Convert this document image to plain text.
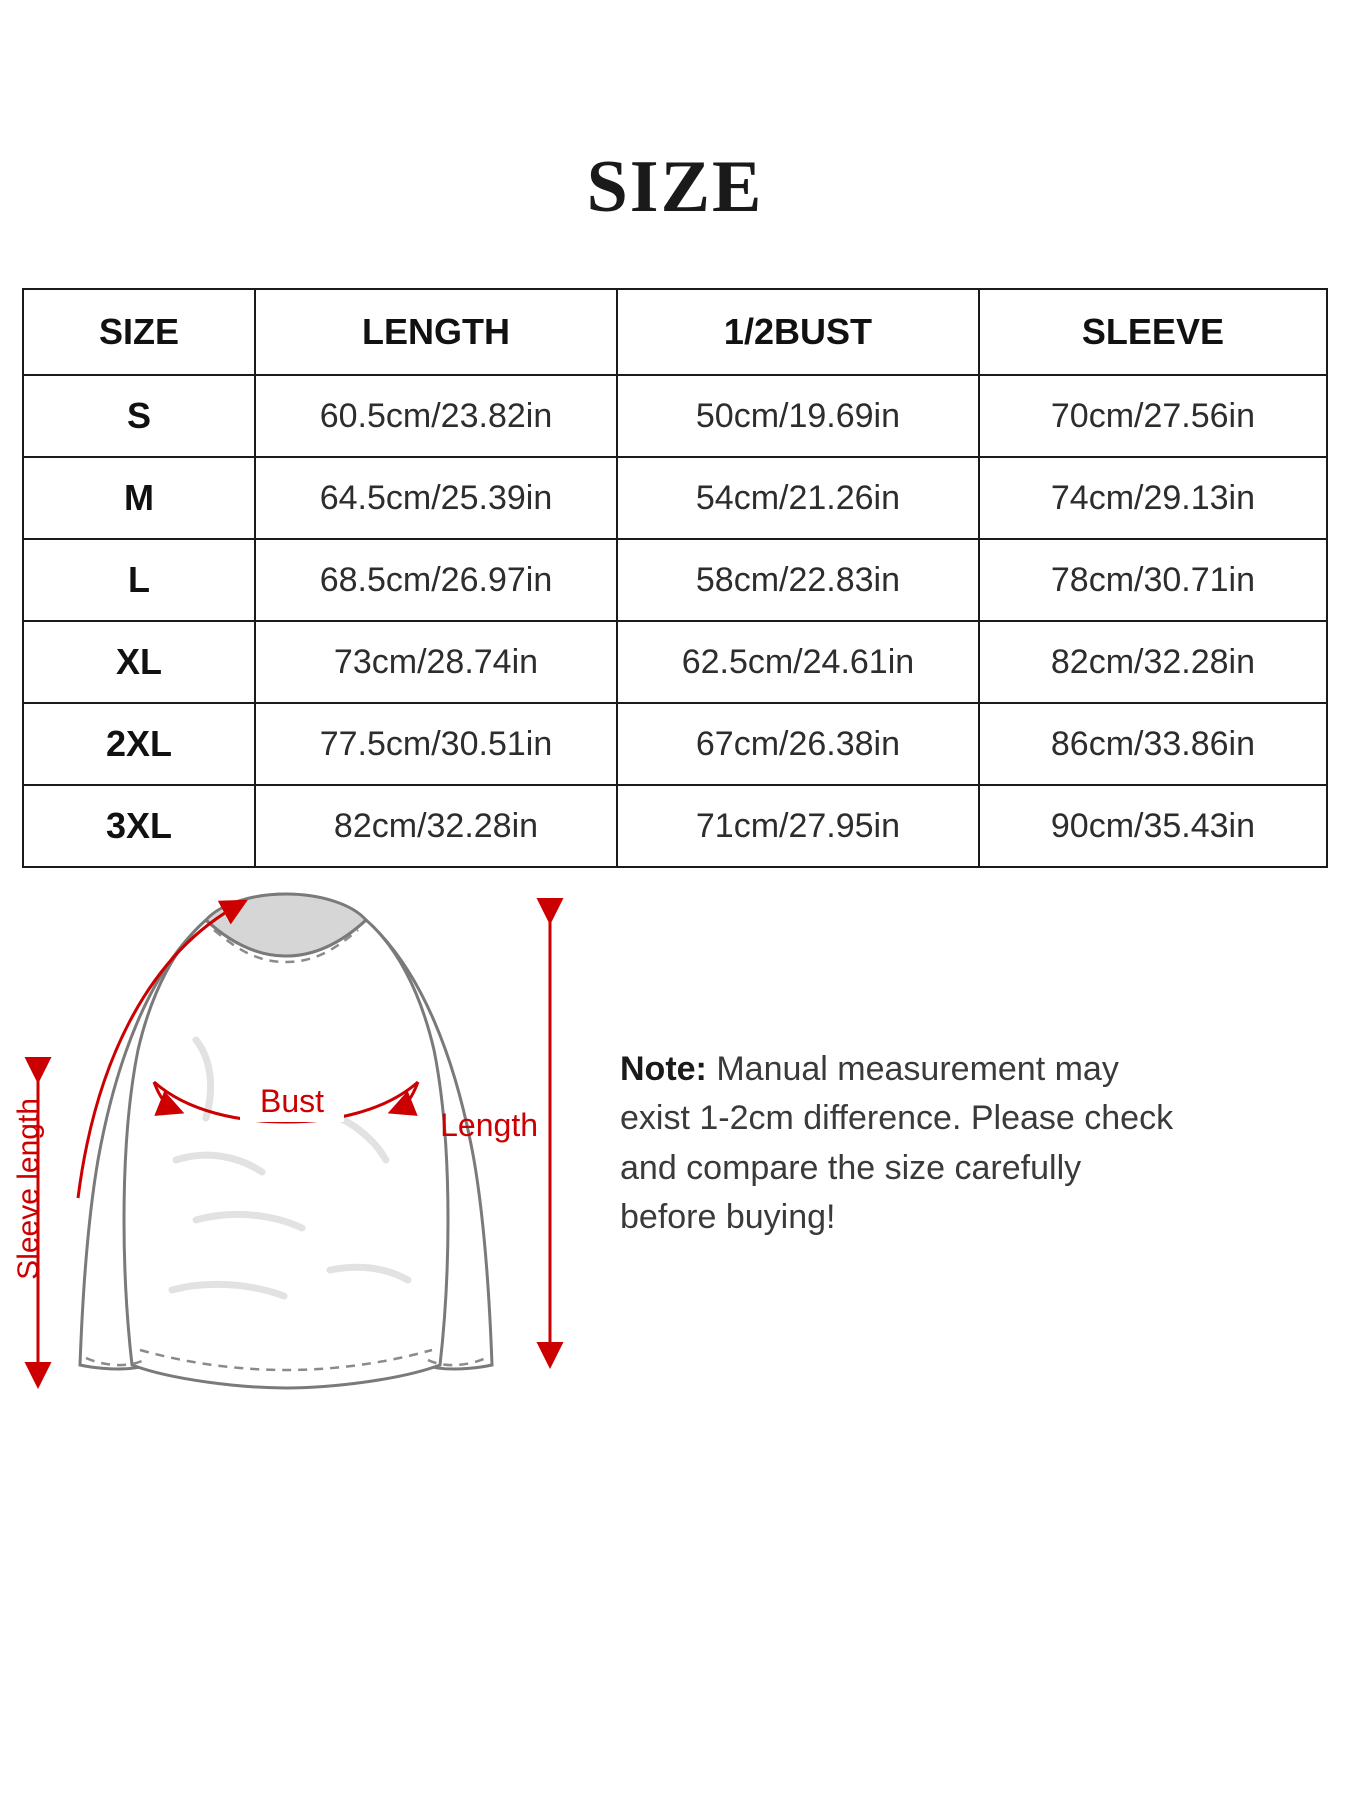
SIZE
SIZE	LENGTH	1/2BUST	SLEEVE
S	60.5cm/23.82in	50cm/19.69in	70cm/27.56in
M	64.5cm/25.39in	54cm/21.26in	74cm/29.13in
L	68.5cm/26.97in	58cm/22.83in	78cm/30.71in
XL	73cm/28.74in	62.5cm/24.61in	82cm/32.28in
2XL	77.5cm/30.51in	67cm/26.38in	86cm/33.86in
3XL	82cm/32.28in	71cm/27.95in	90cm/35.43in
Sleeve length	Bust
Length
Note: Manual measurement may exist 1-2cm difference. Please check and compare the size carefully before buying!
